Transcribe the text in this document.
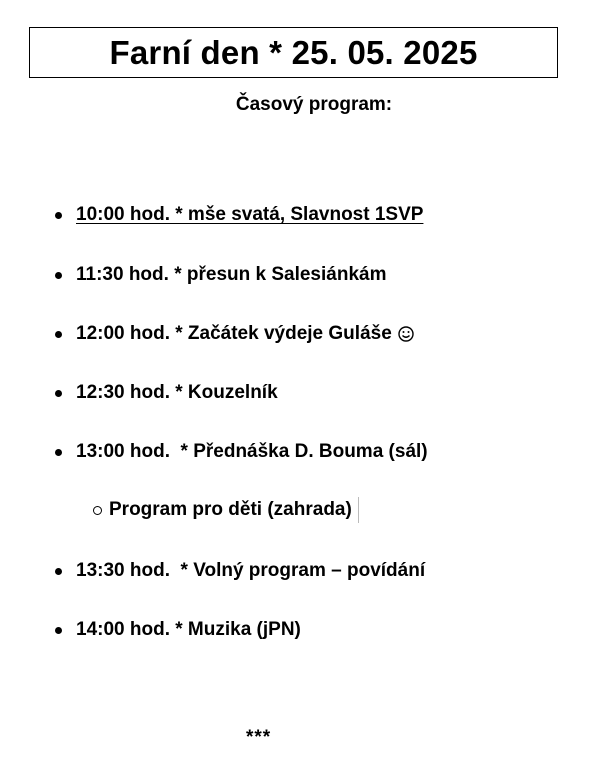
Farní den * 25. 05. 2025
Časový program:
10:00 hod. * mše svatá, Slavnost 1SVP
11:30 hod. * přesun k Salesiánkám
12:00 hod. * Začátek výdeje Guláše
12:30 hod. * Kouzelník
13:00 hod.  * Přednáška D. Bouma (sál)
Program pro děti (zahrada)
13:30 hod.  * Volný program – povídání
14:00 hod. * Muzika (jPN)
***
